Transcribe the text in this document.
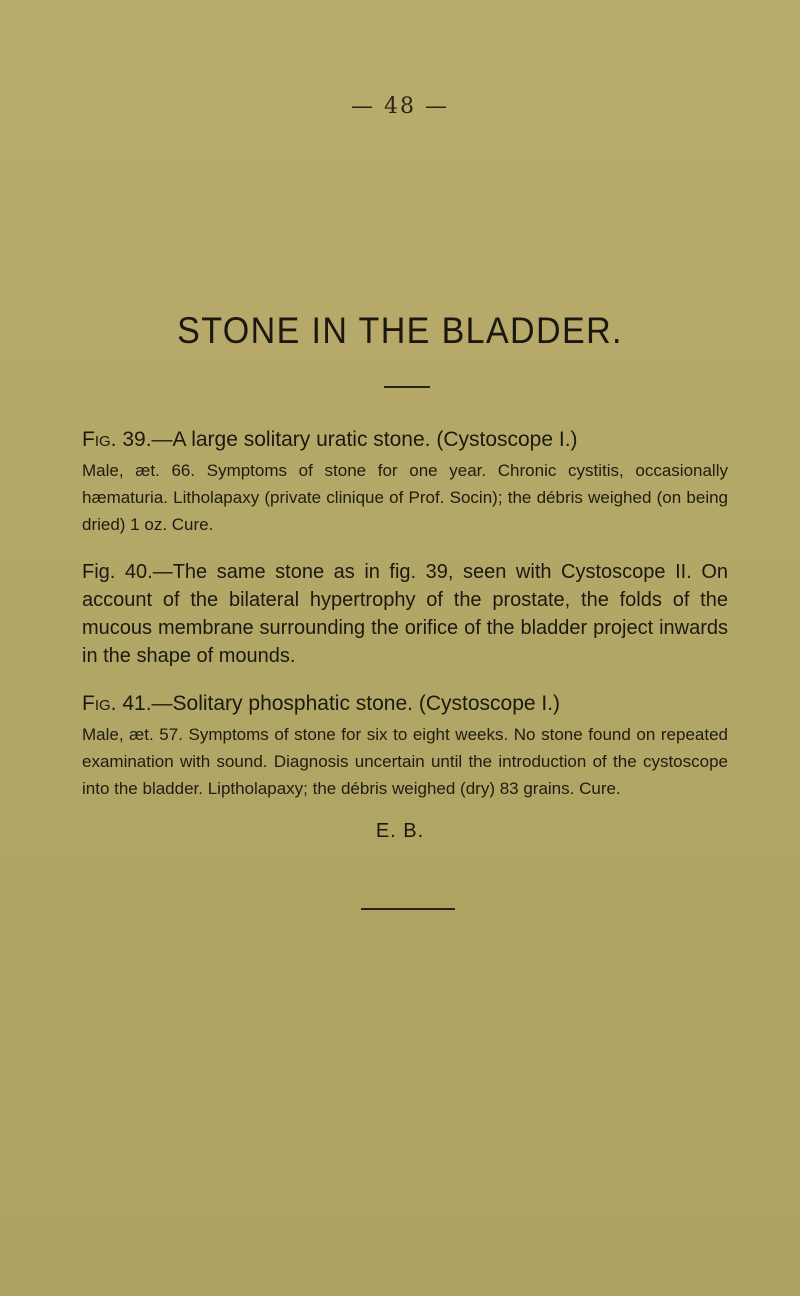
— 48 —
STONE IN THE BLADDER.

Fig. 39.—A large solitary uratic stone. (Cystoscope I.)

Male, æt. 66. Symptoms of stone for one year. Chronic cystitis, occasionally hæmaturia. Litholapaxy (private clinique of Prof. Socin); the débris weighed (on being dried) 1 oz. Cure.

Fig. 40.—The same stone as in fig. 39, seen with Cystoscope II. On account of the bilateral hypertrophy of the prostate, the folds of the mucous membrane surrounding the orifice of the bladder project inwards in the shape of mounds.

Fig. 41.—Solitary phosphatic stone. (Cystoscope I.)

Male, æt. 57. Symptoms of stone for six to eight weeks. No stone found on repeated examination with sound. Diagnosis uncertain until the introduction of the cystoscope into the bladder. Liptholapaxy; the débris weighed (dry) 83 grains. Cure.

E. B.
